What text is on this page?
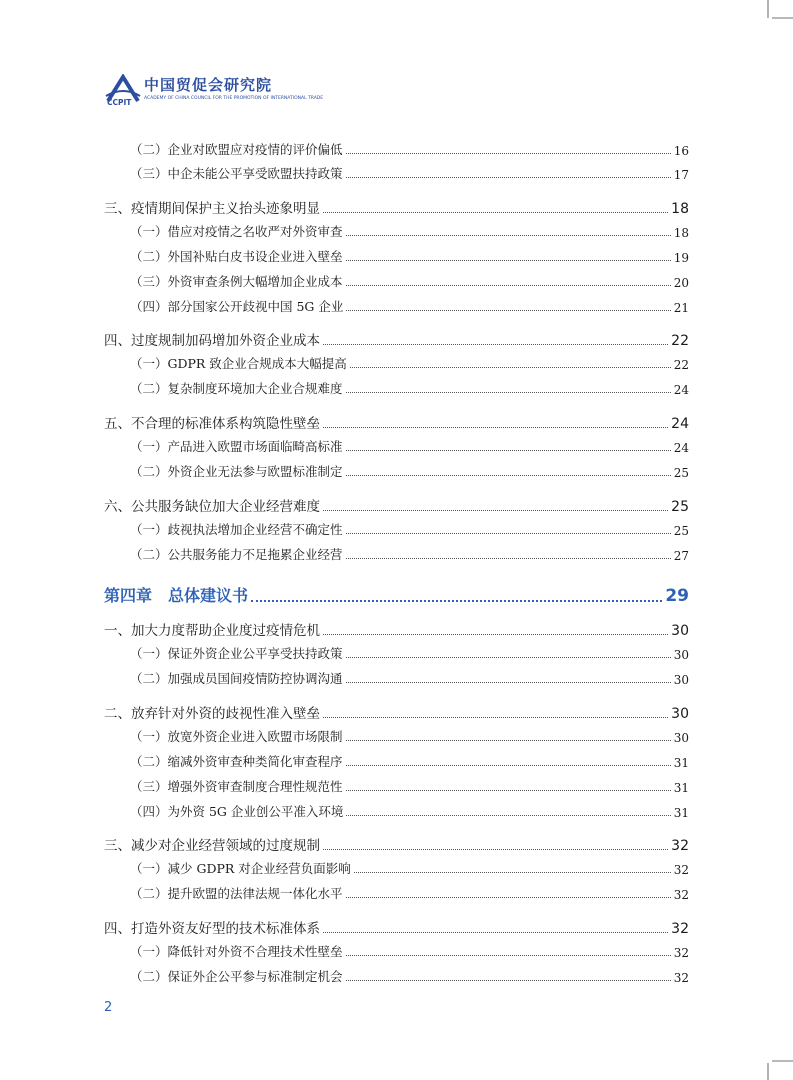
CCPIT
中国贸促会研究院
ACADEMY OF CHINA COUNCIL FOR THE PROMOTION OF INTERNATIONAL TRADE
（二）企业对欧盟应对疫情的评价偏低	16
（三）中企未能公平享受欧盟扶持政策	17
三、疫情期间保护主义抬头迹象明显	18
（一）借应对疫情之名收严对外资审查	18
（二）外国补贴白皮书设企业进入壁垒	19
（三）外资审查条例大幅增加企业成本	20
（四）部分国家公开歧视中国 5G 企业	21
四、过度规制加码增加外资企业成本	22
（一）GDPR 致企业合规成本大幅提高	22
（二）复杂制度环境加大企业合规难度	24
五、不合理的标准体系构筑隐性壁垒	24
（一）产品进入欧盟市场面临畸高标准	24
（二）外资企业无法参与欧盟标准制定	25
六、公共服务缺位加大企业经营难度	25
（一）歧视执法增加企业经营不确定性	25
（二）公共服务能力不足拖累企业经营	27
第四章　总体建议书	29
一、加大力度帮助企业度过疫情危机	30
（一）保证外资企业公平享受扶持政策	30
（二）加强成员国间疫情防控协调沟通	30
二、放弃针对外资的歧视性准入壁垒	30
（一）放宽外资企业进入欧盟市场限制	30
（二）缩减外资审查种类简化审查程序	31
（三）增强外资审查制度合理性规范性	31
（四）为外资 5G 企业创公平准入环境	31
三、减少对企业经营领域的过度规制	32
（一）减少 GDPR 对企业经营负面影响	32
（二）提升欧盟的法律法规一体化水平	32
四、打造外资友好型的技术标准体系	32
（一）降低针对外资不合理技术性壁垒	32
（二）保证外企公平参与标准制定机会	32
2
